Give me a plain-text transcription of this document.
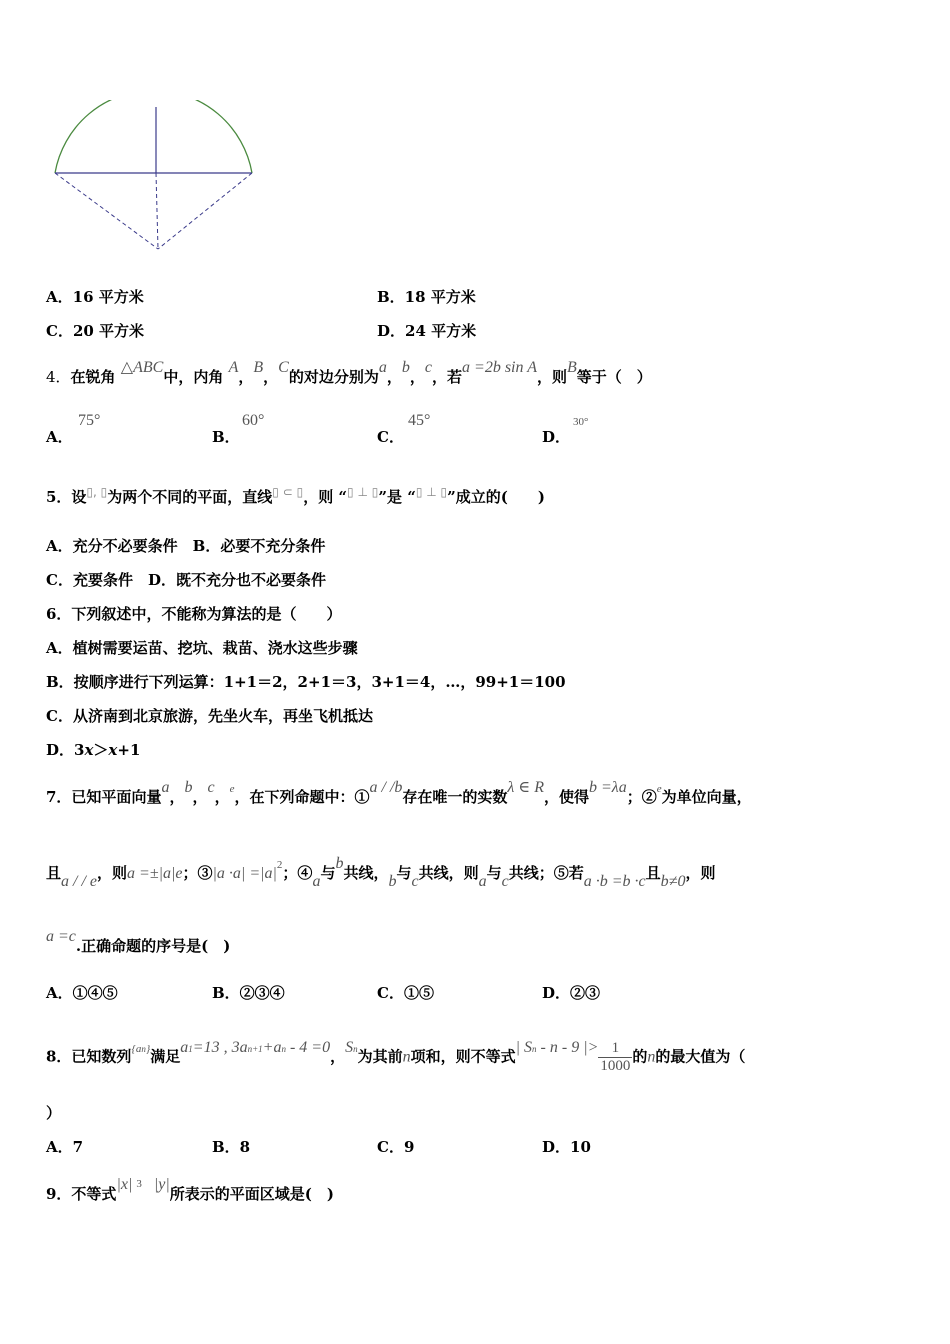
A．16 平方米	B．18 平方米
C．20 平方米	D．24 平方米
4．在锐角 △ABC中，内角 A，B，C的对边分别为a，b，c，若a =2b sin A，则B等于（　）
A．
75°
B．
60°
C．
45°
D．
30°
5．设▯, ▯为两个不同的平面，直线▯ ⊂ ▯，则 “▯ ⊥ ▯”是 “▯ ⊥ ▯”成立的(　　)
A．充分不必要条件　B．必要不充分条件
C．充要条件　D．既不充分也不必要条件
6．下列叙述中，不能称为算法的是（　　）
A．植树需要运苗、挖坑、栽苗、浇水这些步骤
B．按顺序进行下列运算：1+1＝2，2+1＝3，3+1＝4，…，99+1＝100
C．从济南到北京旅游，先坐火车，再坐飞机抵达
D．3x＞x+1
7．已知平面向量a，b，c，$^e$，在下列命题中：①a / /b存在唯一的实数λ ∈ R，使得b =λa；②$^e$为单位向量，
且a / / e，则a =±|a|e；③|a $\cdot a| =|a|^2$；④a与b共线，b与c共线，则a与c共线；⑤若a ·b =b ·c且b≠0，则
a =c.正确命题的序号是(　)
A．①④⑤	B．②③④	C．①⑤	D．②③
8．已知数列$^{\{an\}}$满足$a^1=13$ , $3a^{n+1}+a^n - 4 =0$，$S^n$为其前n项和，则不等式| $S^n$ - n - 9 |> $\frac{1}{1000}$ 的n的最大值为（
）
A．7	B．8	C．9	D．10
9．不等式|x| $^3$ |y|所表示的平面区域是(　)
